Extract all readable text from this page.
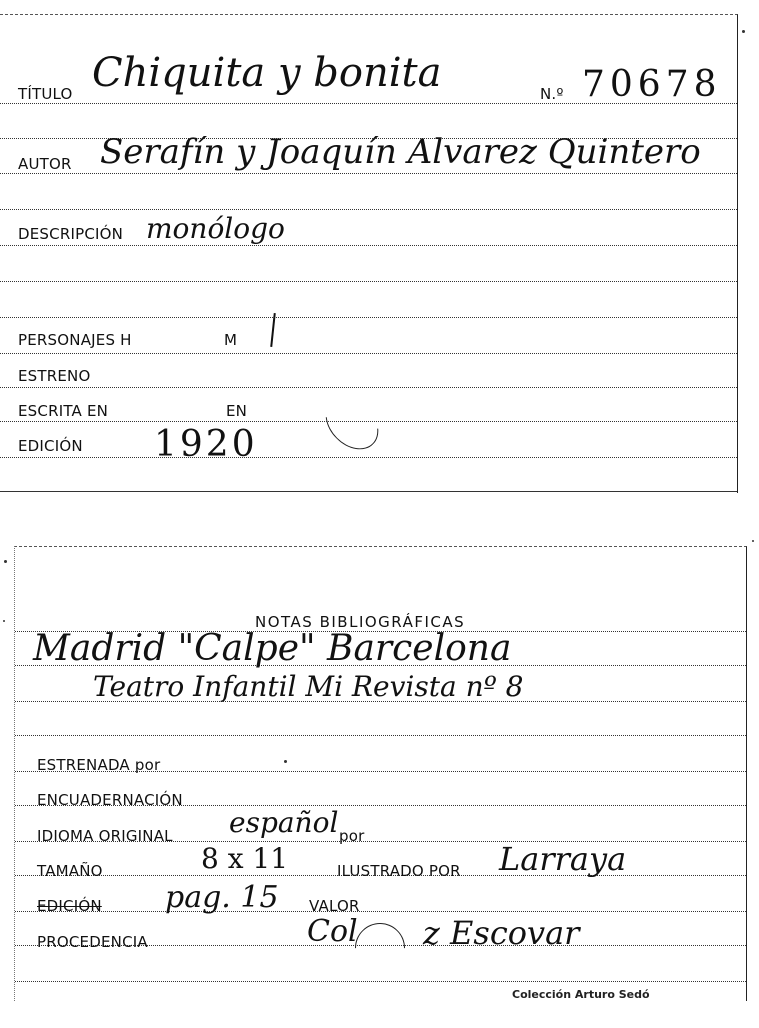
TÍTULO Chiquita y bonita	N.º 70678
AUTOR Serafín y Joaquín Alvarez Quintero
DESCRIPCIÓN monólogo
PERSONAJES H	M
ESTRENO
ESCRITA EN	EN
EDICIÓN 1920
NOTAS BIBLIOGRÁFICAS
Madrid "Calpe" Barcelona
Teatro Infantil Mi Revista nº 8
ESTRENADA por
ENCUADERNACIÓN
IDIOMA ORIGINAL español por
TAMAÑO	8 x 11	ILUSTRADO POR Larraya
EDICIÓN pag. 15 VALOR
PROCEDENCIA	Col z Escovar
Colección Arturo Sedó
